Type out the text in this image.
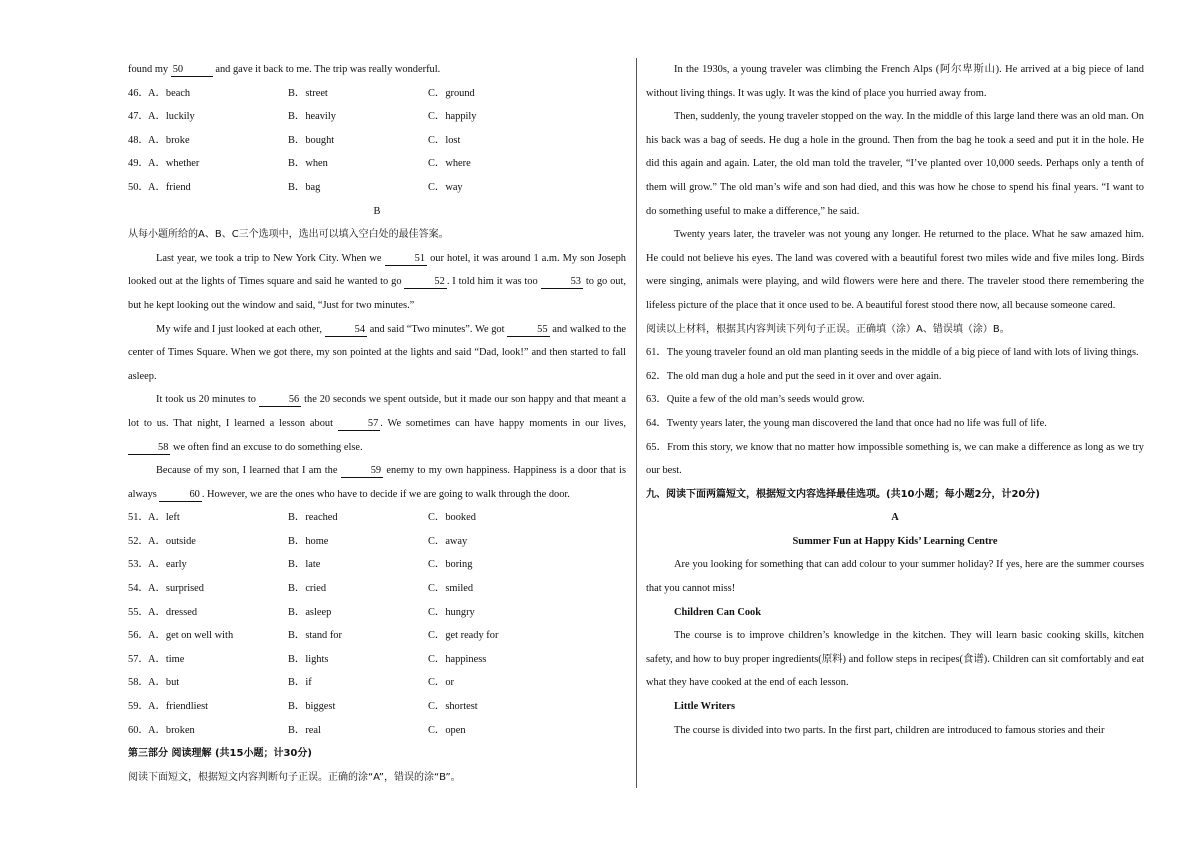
found my 50	and gave it back to me. The trip was really wonderful.
46． A．beach	B．street	C．ground
47． A．luckily	B．heavily	C．happily
48． A．broke	B．bought	C．lost
49． A．whether	B．when	C．where
50． A．friend	B．bag	C．way
B
从每小题所给的A、B、C三个选项中，选出可以填入空白处的最佳答案。
Last year, we took a trip to New York City. When we	51 our hotel, it was around 1 a.m. My son Joseph looked out at the lights of Times square and said he wanted to go	52 . I told him it was too	53 to go out, but he kept looking out the window and said, “Just for two minutes.”
My wife and I just looked at each other,	54 and said “Two minutes”. We got	55 and walked to the center of Times Square. When we got there, my son pointed at the lights and said “Dad, look!” and then started to fall asleep.
It took us 20 minutes to	56 the 20 seconds we spent outside, but it made our son happy and that meant a lot to us. That night, I learned a lesson about	57 . We sometimes can have happy moments in our lives, 58 we often find an excuse to do something else.
Because of my son, I learned that I am the	59 enemy to my own happiness. Happiness is a door that is always	60 . However, we are the ones who have to decide if we are going to walk through the door.
51． A．left	B．reached	C．booked
52． A．outside	B．home	C．away
53． A．early	B．late	C．boring
54． A．surprised	B．cried	C．smiled
55． A．dressed	B．asleep	C．hungry
56． A．get on well with	B．stand for	C．get ready for
57． A．time	B．lights	C．happiness
58． A．but	B．if	C．or
59． A．friendliest	B．biggest	C．shortest
60． A．broken	B．real	C．open
第三部分 阅读理解 (共15小题；计30分)
阅读下面短文，根据短文内容判断句子正误。正确的涂“A”，错误的涂“B”。
In the 1930s, a young traveler was climbing the French Alps (阿尔卑斯山). He arrived at a big piece of land without living things. It was ugly. It was the kind of place you hurried away from.
Then, suddenly, the young traveler stopped on the way. In the middle of this large land there was an old man. On his back was a bag of seeds. He dug a hole in the ground. Then from the bag he took a seed and put it in the hole. He did this again and again. Later, the old man told the traveler, “I’ve planted over 10,000 seeds. Perhaps only a tenth of them will grow.” The old man’s wife and son had died, and this was how he chose to spend his final years. “I want to do something useful to make a difference,” he said.
Twenty years later, the traveler was not young any longer. He returned to the place. What he saw amazed him. He could not believe his eyes. The land was covered with a beautiful forest two miles wide and five miles long. Birds were singing, animals were playing, and wild flowers were here and there. The traveler stood there remembering the lifeless picture of the place that it once used to be. A beautiful forest stood there now, all because someone cared.
阅读以上材料，根据其内容判读下列句子正误。正确填（涂）A、错误填（涂）B。
61．The young traveler found an old man planting seeds in the middle of a big piece of land with lots of living things.
62．The old man dug a hole and put the seed in it over and over again.
63．Quite a few of the old man’s seeds would grow.
64．Twenty years later, the young man discovered the land that once had no life was full of life.
65．From this story, we know that no matter how impossible something is, we can make a difference as long as we try our best.
九、阅读下面两篇短文，根据短文内容选择最佳选项。(共10小题；每小题2分，计20分)
A
Summer Fun at Happy Kids’ Learning Centre
Are you looking for something that can add colour to your summer holiday? If yes, here are the summer courses that you cannot miss!
Children Can Cook
The course is to improve children’s knowledge in the kitchen. They will learn basic cooking skills, kitchen safety, and how to buy proper ingredients(原料) and follow steps in recipes(食谱). Children can sit comfortably and eat what they have cooked at the end of each lesson.
Little Writers
The course is divided into two parts. In the first part, children are introduced to famous stories and their
